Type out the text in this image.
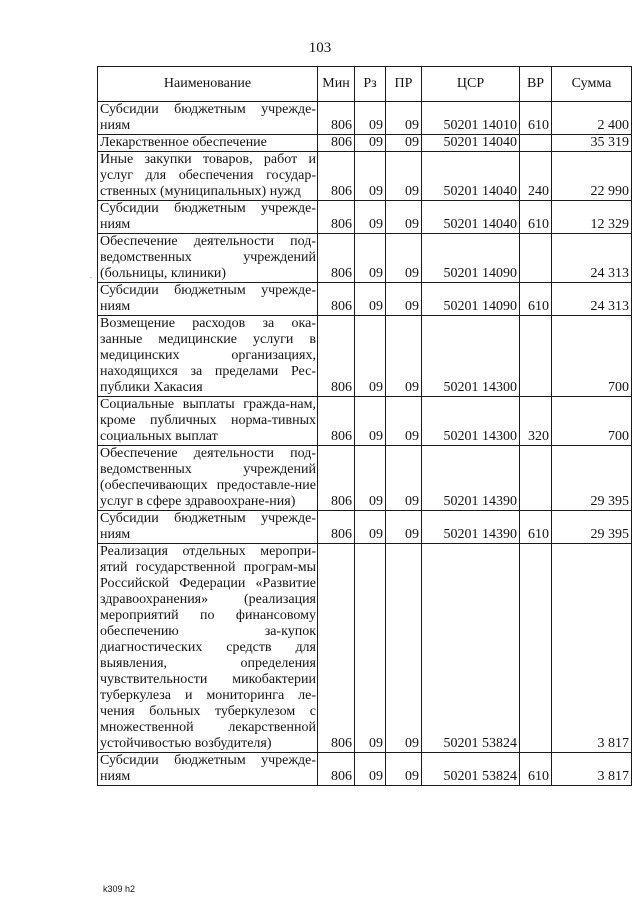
103
.
Наименование	Мин	Рз	ПР	ЦСР	ВР	Сумма
Субсидии бюджетным учрежде-ниям	806	09	09	50201 14010	610	2 400
Лекарственное обеспечение	806	09	09	50201 14040		35 319
Иные закупки товаров, работ и услуг для обеспечения государ-ственных (муниципальных) нужд	806	09	09	50201 14040	240	22 990
Субсидии бюджетным учрежде-ниям	806	09	09	50201 14040	610	12 329
Обеспечение деятельности под-ведомственных учреждений (больницы, клиники)	806	09	09	50201 14090		24 313
Субсидии бюджетным учрежде-ниям	806	09	09	50201 14090	610	24 313
Возмещение расходов за ока-занные медицинские услуги в медицинских организациях, находящихся за пределами Рес-публики Хакасия	806	09	09	50201 14300		700
Социальные выплаты гражда-нам, кроме публичных норма-тивных социальных выплат	806	09	09	50201 14300	320	700
Обеспечение деятельности под-ведомственных учреждений (обеспечивающих предоставле-ние услуг в сфере здравоохране-ния)	806	09	09	50201 14390		29 395
Субсидии бюджетным учрежде-ниям	806	09	09	50201 14390	610	29 395
Реализация отдельных меропри-ятий государственной програм-мы Российской Федерации «Развитие здравоохранения» (реализация мероприятий по финансовому обеспечению за-купок диагностических средств для выявления, определения чувствительности микобактерии туберкулеза и мониторинга ле-чения больных туберкулезом с множественной лекарственной устойчивостью возбудителя)	806	09	09	50201 53824		3 817
Субсидии бюджетным учрежде-ниям	806	09	09	50201 53824	610	3 817
k309 h2
